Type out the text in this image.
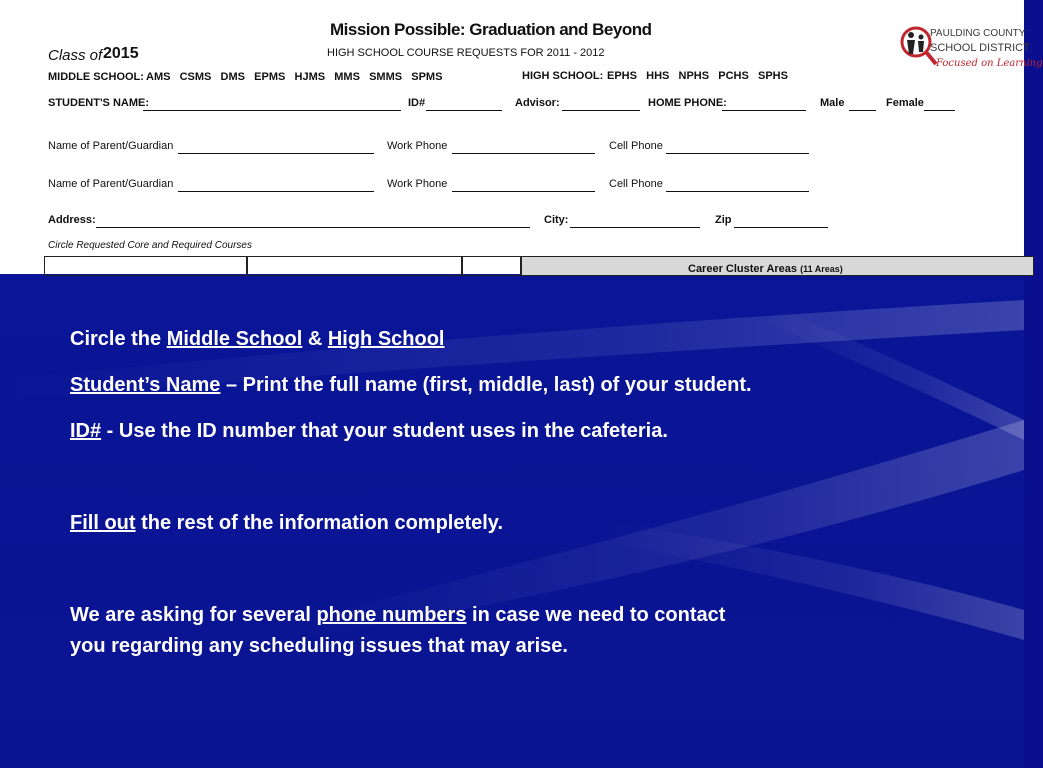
Mission Possible: Graduation and Beyond
HIGH SCHOOL COURSE REQUESTS FOR 2011 - 2012
Class of 2015
MIDDLE SCHOOL: AMS   CSMS   DMS   EPMS   HJMS   MMS   SMMS   SPMS	HIGH SCHOOL: EPHS   HHS   NPHS   PCHS   SPHS
STUDENT'S NAME:	ID#	Advisor:	HOME PHONE:	Male	Female
Name of Parent/Guardian	Work Phone	Cell Phone
Name of Parent/Guardian	Work Phone	Cell Phone
Address:	City:	Zip
Circle Requested Core and Required Courses
Career Cluster Areas (11 Areas)
PAULDING COUNTY
SCHOOL DISTRICT
Focused on Learning
Circle the Middle School & High School
Student’s Name – Print the full name (first, middle, last) of your student.
ID# - Use the ID number that your student uses in the cafeteria.
Fill out the rest of the information completely.
We are asking for several phone numbers in case we need to contact
you regarding any scheduling issues that may arise.
